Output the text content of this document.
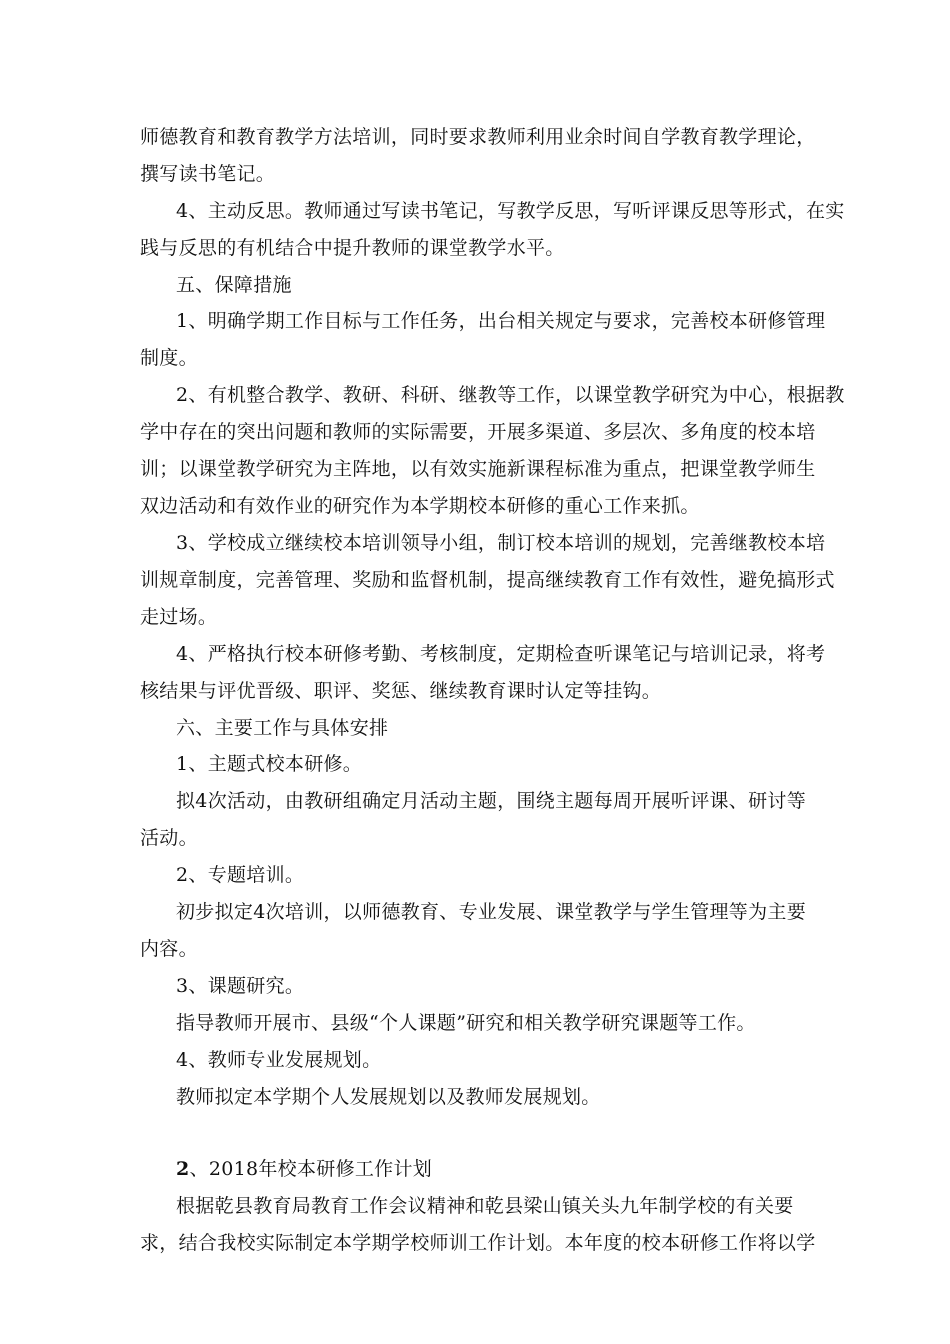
师德教育和教育教学方法培训，同时要求教师利用业余时间自学教育教学理论，
撰写读书笔记。
4、主动反思。教师通过写读书笔记，写教学反思，写听评课反思等形式，在实
践与反思的有机结合中提升教师的课堂教学水平。
五、保障措施
1、明确学期工作目标与工作任务，出台相关规定与要求，完善校本研修管理
制度。
2、有机整合教学、教研、科研、继教等工作，以课堂教学研究为中心，根据教
学中存在的突出问题和教师的实际需要，开展多渠道、多层次、多角度的校本培
训；以课堂教学研究为主阵地，以有效实施新课程标准为重点，把课堂教学师生
双边活动和有效作业的研究作为本学期校本研修的重心工作来抓。
3、学校成立继续校本培训领导小组，制订校本培训的规划，完善继教校本培
训规章制度，完善管理、奖励和监督机制，提高继续教育工作有效性，避免搞形式
走过场。
4、严格执行校本研修考勤、考核制度，定期检查听课笔记与培训记录，将考
核结果与评优晋级、职评、奖惩、继续教育课时认定等挂钩。
六、主要工作与具体安排
1、主题式校本研修。
拟4次活动，由教研组确定月活动主题，围绕主题每周开展听评课、研讨等
活动。
2、专题培训。
初步拟定4次培训，以师德教育、专业发展、课堂教学与学生管理等为主要
内容。
3、课题研究。
指导教师开展市、县级“个人课题”研究和相关教学研究课题等工作。
4、教师专业发展规划。
教师拟定本学期个人发展规划以及教师发展规划。
2、2018年校本研修工作计划
根据乾县教育局教育工作会议精神和乾县梁山镇关头九年制学校的有关要
求，结合我校实际制定本学期学校师训工作计划。本年度的校本研修工作将以学
